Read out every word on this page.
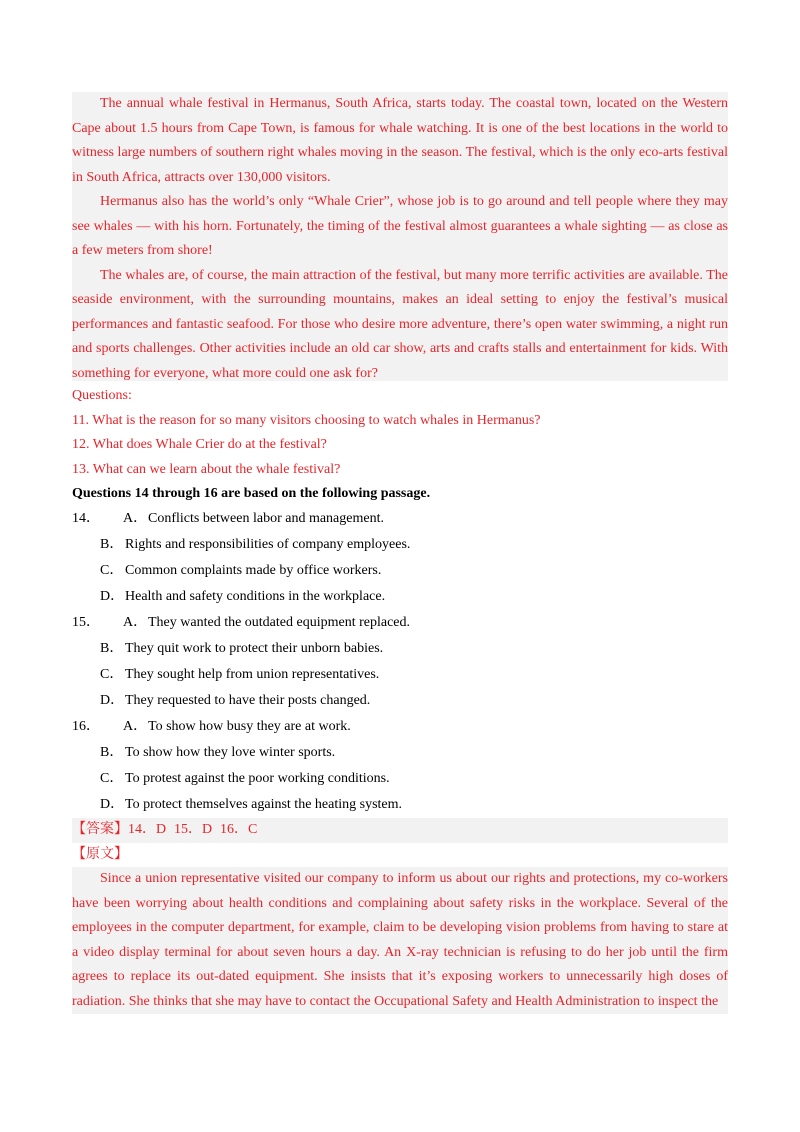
The annual whale festival in Hermanus, South Africa, starts today. The coastal town, located on the Western Cape about 1.5 hours from Cape Town, is famous for whale watching. It is one of the best locations in the world to witness large numbers of southern right whales moving in the season. The festival, which is the only eco-arts festival in South Africa, attracts over 130,000 visitors.
Hermanus also has the world’s only “Whale Crier”, whose job is to go around and tell people where they may see whales — with his horn. Fortunately, the timing of the festival almost guarantees a whale sighting — as close as a few meters from shore!
The whales are, of course, the main attraction of the festival, but many more terrific activities are available. The seaside environment, with the surrounding mountains, makes an ideal setting to enjoy the festival’s musical performances and fantastic seafood. For those who desire more adventure, there’s open water swimming, a night run and sports challenges. Other activities include an old car show, arts and crafts stalls and entertainment for kids. With something for everyone, what more could one ask for?
Questions:
11. What is the reason for so many visitors choosing to watch whales in Hermanus?
12. What does Whale Crier do at the festival?
13. What can we learn about the whale festival?
Questions 14 through 16 are based on the following passage.
14． A．Conflicts between labor and management.
B． Rights and responsibilities of company employees.
C． Common complaints made by office workers.
D．Health and safety conditions in the workplace.
15． A．They wanted the outdated equipment replaced.
B． They quit work to protect their unborn babies.
C． They sought help from union representatives.
D．They requested to have their posts changed.
16． A．To show how busy they are at work.
B． To show how they love winter sports.
C． To protest against the poor working conditions.
D．To protect themselves against the heating system.
【答案】14．D 15．D 16．C
【原文】
Since a union representative visited our company to inform us about our rights and protections, my co-workers have been worrying about health conditions and complaining about safety risks in the workplace. Several of the employees in the computer department, for example, claim to be developing vision problems from having to stare at a video display terminal for about seven hours a day. An X-ray technician is refusing to do her job until the firm agrees to replace its out-dated equipment. She insists that it’s exposing workers to unnecessarily high doses of radiation. She thinks that she may have to contact the Occupational Safety and Health Administration to inspect the
